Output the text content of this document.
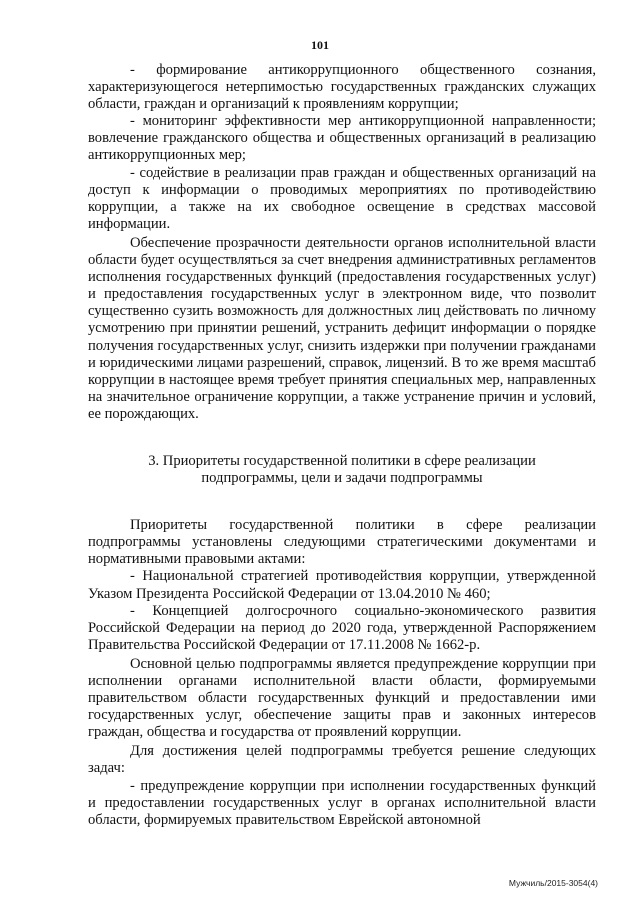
101

- формирование антикоррупционного общественного сознания, характеризующегося нетерпимостью государственных гражданских служащих области, граждан и организаций к проявлениям коррупции;

- мониторинг эффективности мер антикоррупционной направленности; вовлечение гражданского общества и общественных организаций в реализацию антикоррупционных мер;

- содействие в реализации прав граждан и общественных организаций на доступ к информации о проводимых мероприятиях по противодействию коррупции, а также на их свободное освещение в средствах массовой информации.

Обеспечение прозрачности деятельности органов исполнительной власти области будет осуществляться за счет внедрения административных регламентов исполнения государственных функций (предоставления государственных услуг) и предоставления государственных услуг в электронном виде, что позволит существенно сузить возможность для должностных лиц действовать по личному усмотрению при принятии решений, устранить дефицит информации о порядке получения государственных услуг, снизить издержки при получении гражданами и юридическими лицами разрешений, справок, лицензий. В то же время масштаб коррупции в настоящее время требует принятия специальных мер, направленных на значительное ограничение коррупции, а также устранение причин и условий, ее порождающих.

3. Приоритеты государственной политики в сфере реализации
подпрограммы, цели и задачи подпрограммы

Приоритеты государственной политики в сфере реализации подпрограммы установлены следующими стратегическими документами и нормативными правовыми актами:

- Национальной стратегией противодействия коррупции, утвержденной Указом Президента Российской Федерации от 13.04.2010 № 460;

- Концепцией долгосрочного социально-экономического развития Российской Федерации на период до 2020 года, утвержденной Распоряжением Правительства Российской Федерации от 17.11.2008 № 1662-р.

Основной целью подпрограммы является предупреждение коррупции при исполнении органами исполнительной власти области, формируемыми правительством области государственных функций и предоставлении ими государственных услуг, обеспечение защиты прав и законных интересов граждан, общества и государства от проявлений коррупции.

Для достижения целей подпрограммы требуется решение следующих задач:

- предупреждение коррупции при исполнении государственных функций и предоставлении государственных услуг в органах исполнительной власти области, формируемых правительством Еврейской автономной

Мужчиль/2015-3054(4)
